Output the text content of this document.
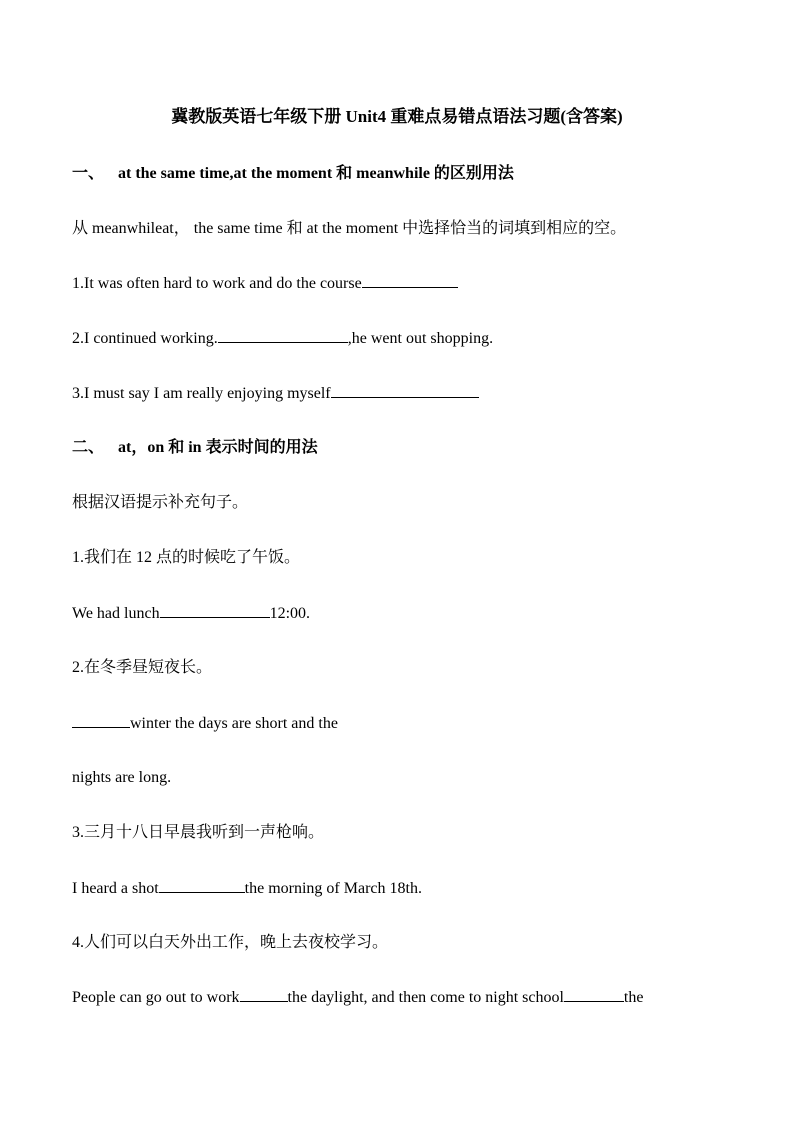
冀教版英语七年级下册 Unit4 重难点易错点语法习题(含答案)
一、 at the same time,at the moment 和 meanwhile 的区别用法
从 meanwhileat， the same time 和 at the moment 中选择恰当的词填到相应的空。
1.It was often hard to work and do the course
2.I continued working.	,he went out shopping.
3.I must say I am really enjoying myself
二、 at，on 和 in 表示时间的用法
根据汉语提示补充句子。
1.我们在 12 点的时候吃了午饭。
We had lunch	12:00.
2.在冬季昼短夜长。
winter the days are short and the
nights are long.
3.三月十八日早晨我听到一声枪响。
I heard a shot	the morning of March 18th.
4.人们可以白天外出工作，晚上去夜校学习。
People can go out to work	the daylight, and then come to night school	the
